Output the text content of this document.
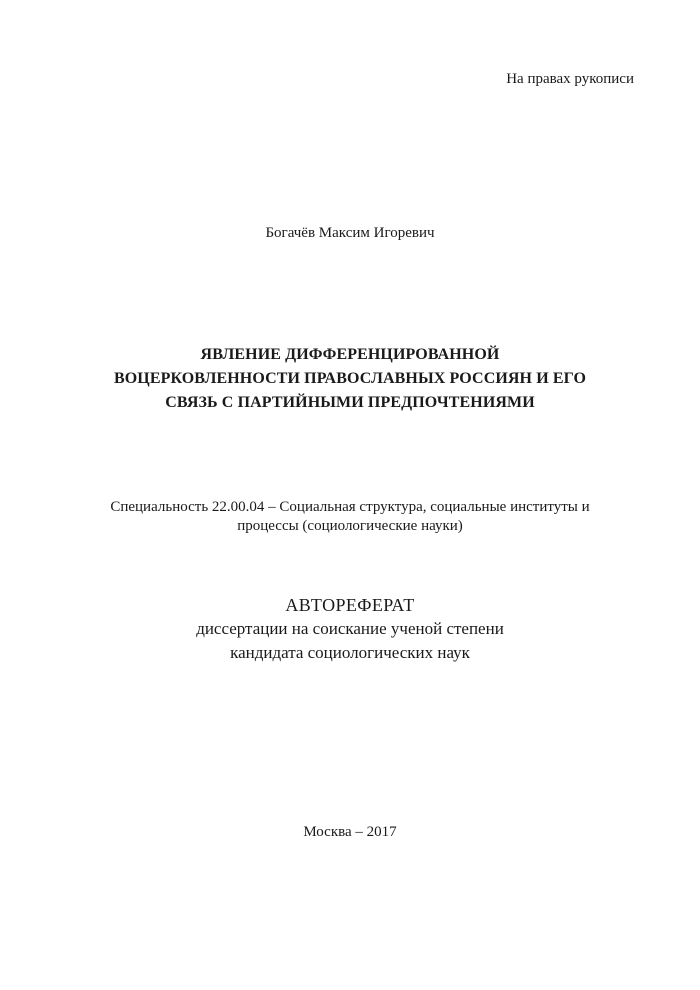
На правах рукописи
Богачёв Максим Игоревич
ЯВЛЕНИЕ ДИФФЕРЕНЦИРОВАННОЙ
ВОЦЕРКОВЛЕННОСТИ ПРАВОСЛАВНЫХ РОССИЯН И ЕГО
СВЯЗЬ С ПАРТИЙНЫМИ ПРЕДПОЧТЕНИЯМИ
Специальность 22.00.04 – Социальная структура, социальные институты и
процессы (социологические науки)
АВТОРЕФЕРАТ
диссертации на соискание ученой степени
кандидата социологических наук
Москва – 2017
